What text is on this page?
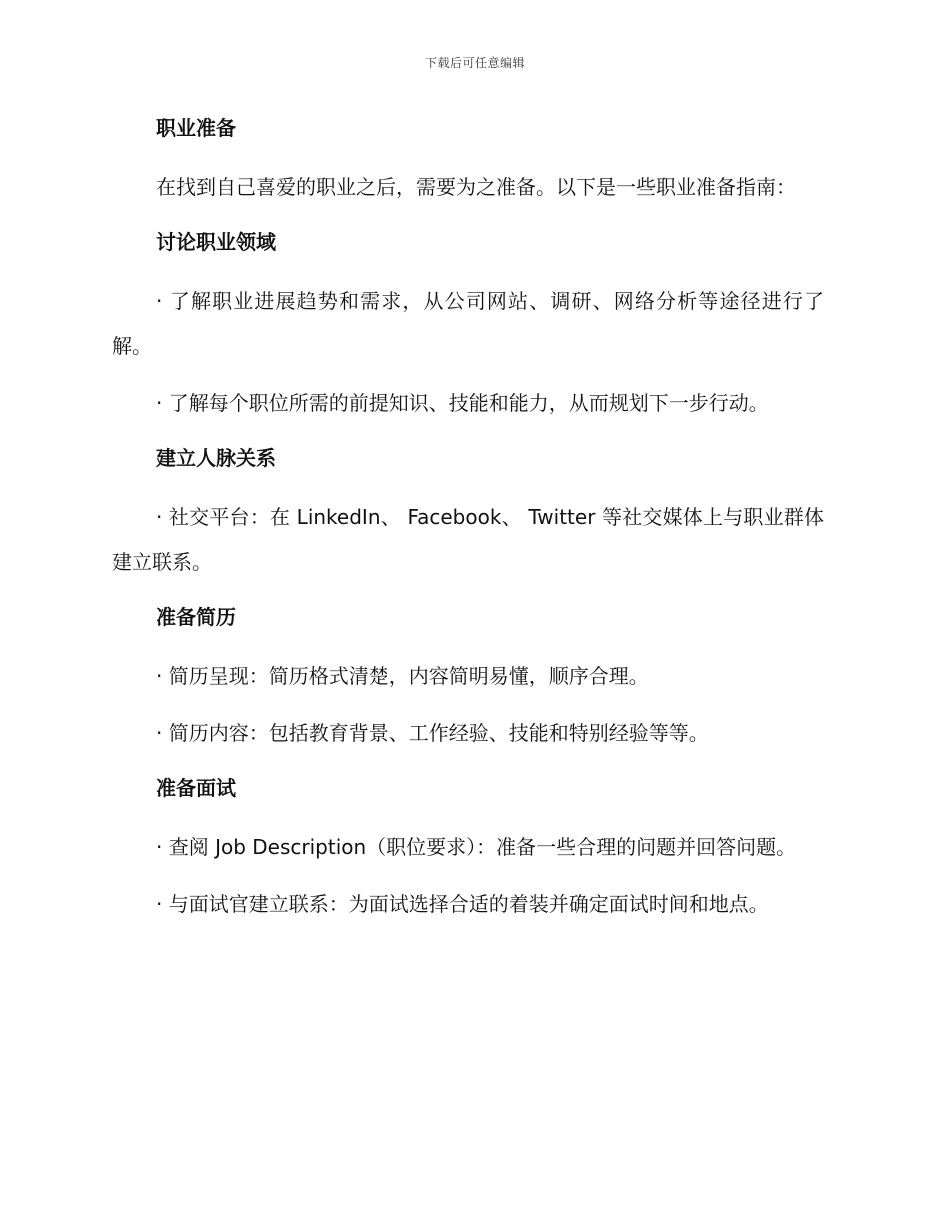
下载后可任意编辑
职业准备
在找到自己喜爱的职业之后，需要为之准备。以下是一些职业准备指南：
讨论职业领域
· 了解职业进展趋势和需求，从公司网站、调研、网络分析等途径进行了解。
· 了解每个职位所需的前提知识、技能和能力，从而规划下一步行动。
建立人脉关系
· 社交平台：在 LinkedIn、 Facebook、 Twitter 等社交媒体上与职业群体建立联系。
准备简历
· 简历呈现：简历格式清楚，内容简明易懂，顺序合理。
· 简历内容：包括教育背景、工作经验、技能和特别经验等等。
准备面试
· 查阅 Job Description（职位要求）：准备一些合理的问题并回答问题。
· 与面试官建立联系：为面试选择合适的着装并确定面试时间和地点。
